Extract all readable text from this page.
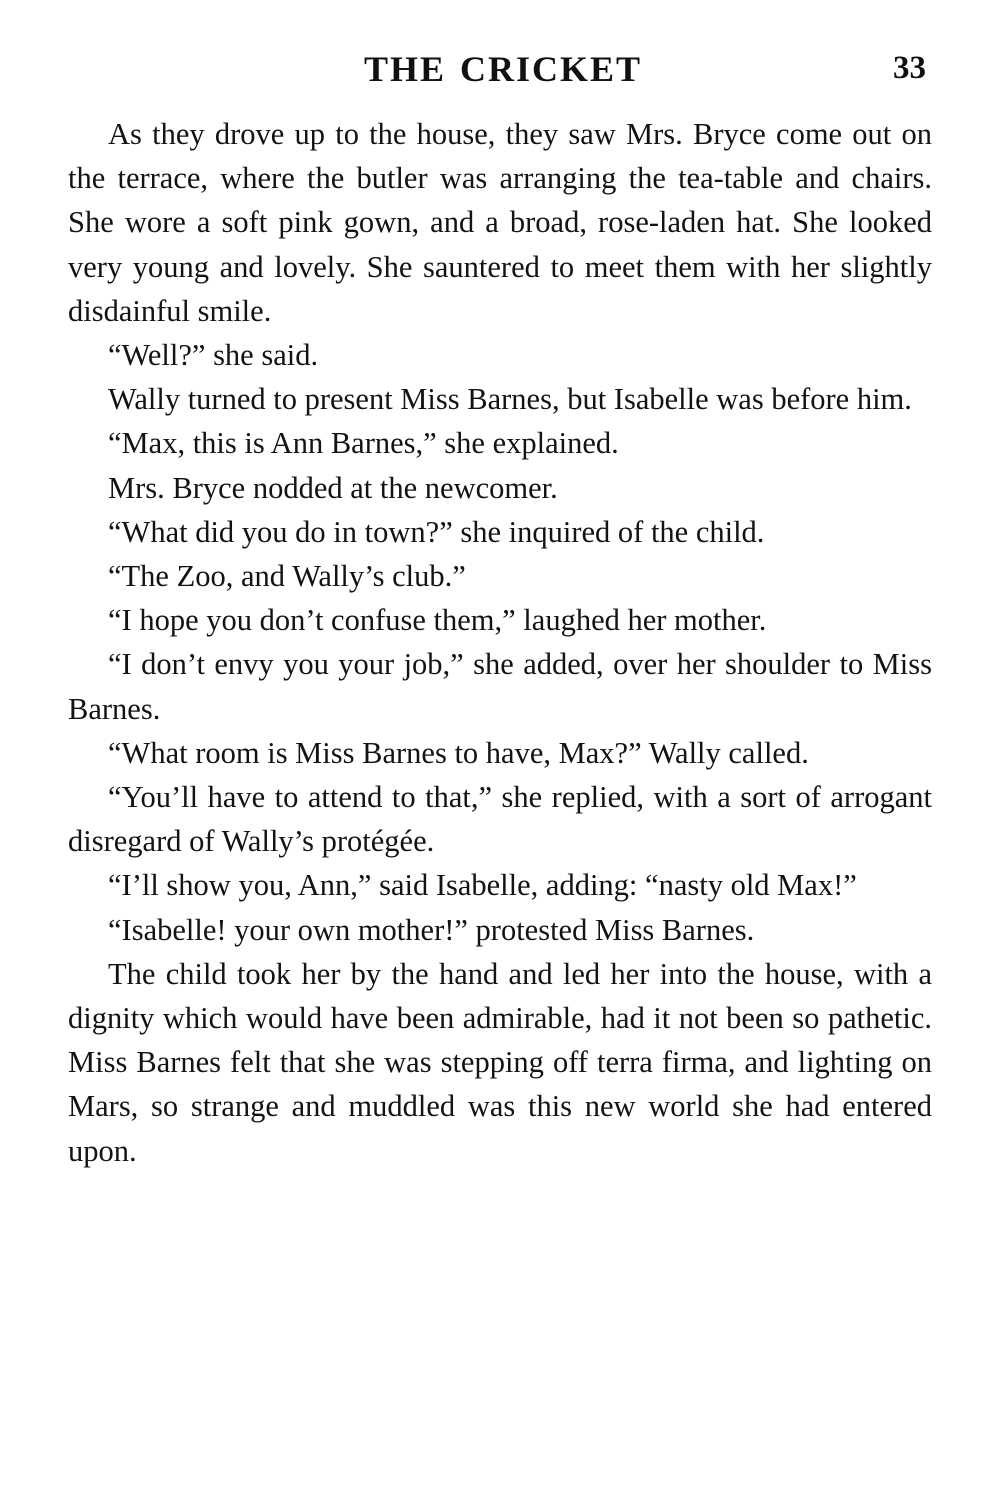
THE CRICKET	33

As they drove up to the house, they saw Mrs. Bryce come out on the terrace, where the butler was arranging the tea-table and chairs. She wore a soft pink gown, and a broad, rose-laden hat. She looked very young and lovely. She sauntered to meet them with her slightly disdainful smile.

“Well?” she said.

Wally turned to present Miss Barnes, but Isabelle was before him.

“Max, this is Ann Barnes,” she explained.

Mrs. Bryce nodded at the newcomer.

“What did you do in town?” she inquired of the child.

“The Zoo, and Wally’s club.”

“I hope you don’t confuse them,” laughed her mother.

“I don’t envy you your job,” she added, over her shoulder to Miss Barnes.

“What room is Miss Barnes to have, Max?” Wally called.

“You’ll have to attend to that,” she replied, with a sort of arrogant disregard of Wally’s protégée.

“I’ll show you, Ann,” said Isabelle, adding: “nasty old Max!”

“Isabelle! your own mother!” protested Miss Barnes.

The child took her by the hand and led her into the house, with a dignity which would have been admirable, had it not been so pathetic. Miss Barnes felt that she was stepping off terra firma, and lighting on Mars, so strange and muddled was this new world she had entered upon.
